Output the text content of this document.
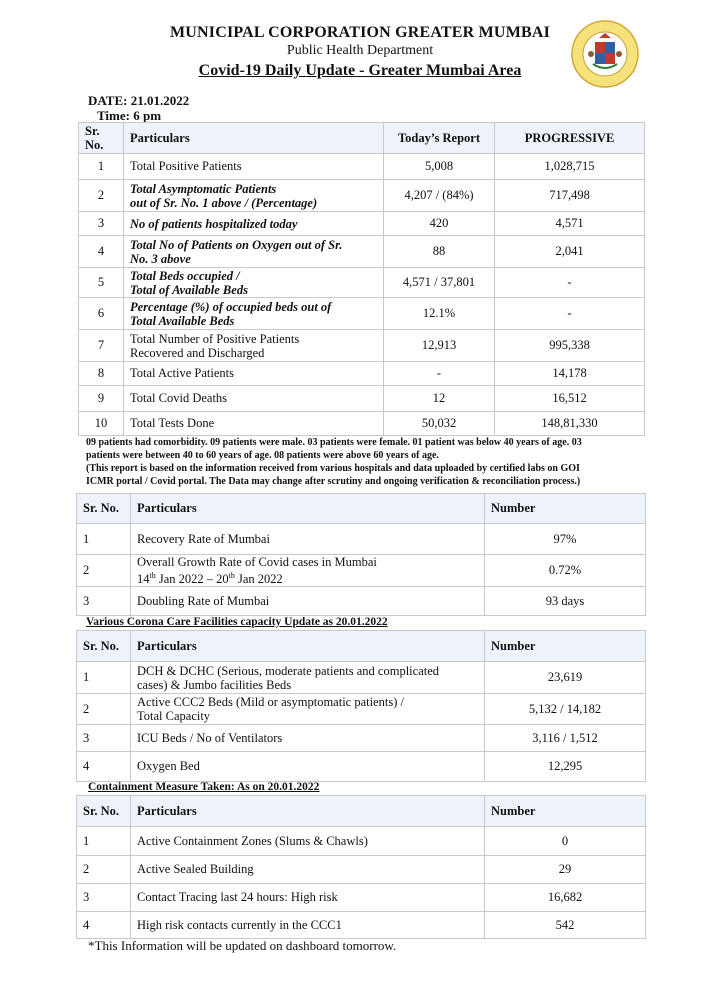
MUNICIPAL CORPORATION GREATER MUMBAI
Public Health Department
Covid-19 Daily Update - Greater Mumbai Area
DATE: 21.01.2022
Time: 6 pm
Sr. No.	Particulars	Today’s Report	PROGRESSIVE
1	Total Positive Patients	5,008	1,028,715
2	Total Asymptomatic Patients
out of Sr. No. 1 above / (Percentage)	4,207 / (84%)	717,498
3	No of patients hospitalized today	420	4,571
4	Total No of Patients on Oxygen out of Sr.
No. 3 above	88	2,041
5	Total Beds occupied /
Total of Available Beds	4,571 / 37,801	-
6	Percentage (%) of occupied beds out of
Total Available Beds	12.1%	-
7	Total Number of Positive Patients
Recovered and Discharged	12,913	995,338
8	Total Active Patients	-	14,178
9	Total Covid Deaths	12	16,512
10	Total Tests Done	50,032	148,81,330
09 patients had comorbidity. 09 patients were male. 03 patients were female. 01 patient was below 40 years of age. 03
patients were between 40 to 60 years of age. 08 patients were above 60 years of age.
(This report is based on the information received from various hospitals and data uploaded by certified labs on GOI
ICMR portal / Covid portal. The Data may change after scrutiny and ongoing verification & reconciliation process.)
Sr. No.	Particulars	Number
1	Recovery Rate of Mumbai	97%
2	Overall Growth Rate of Covid cases in Mumbai
14th Jan 2022 – 20th Jan 2022	0.72%
3	Doubling Rate of Mumbai	93 days
Various Corona Care Facilities capacity Update as 20.01.2022
Sr. No.	Particulars	Number
1	DCH & DCHC (Serious, moderate patients and complicated
cases) & Jumbo facilities Beds	23,619
2	Active CCC2 Beds (Mild or asymptomatic patients) /
Total Capacity	5,132 / 14,182
3	ICU Beds / No of Ventilators	3,116 / 1,512
4	Oxygen Bed	12,295
Containment Measure Taken: As on 20.01.2022
Sr. No.	Particulars	Number
1	Active Containment Zones (Slums & Chawls)	0
2	Active Sealed Building	29
3	Contact Tracing last 24 hours: High risk	16,682
4	High risk contacts currently in the CCC1	542
*This Information will be updated on dashboard tomorrow.
